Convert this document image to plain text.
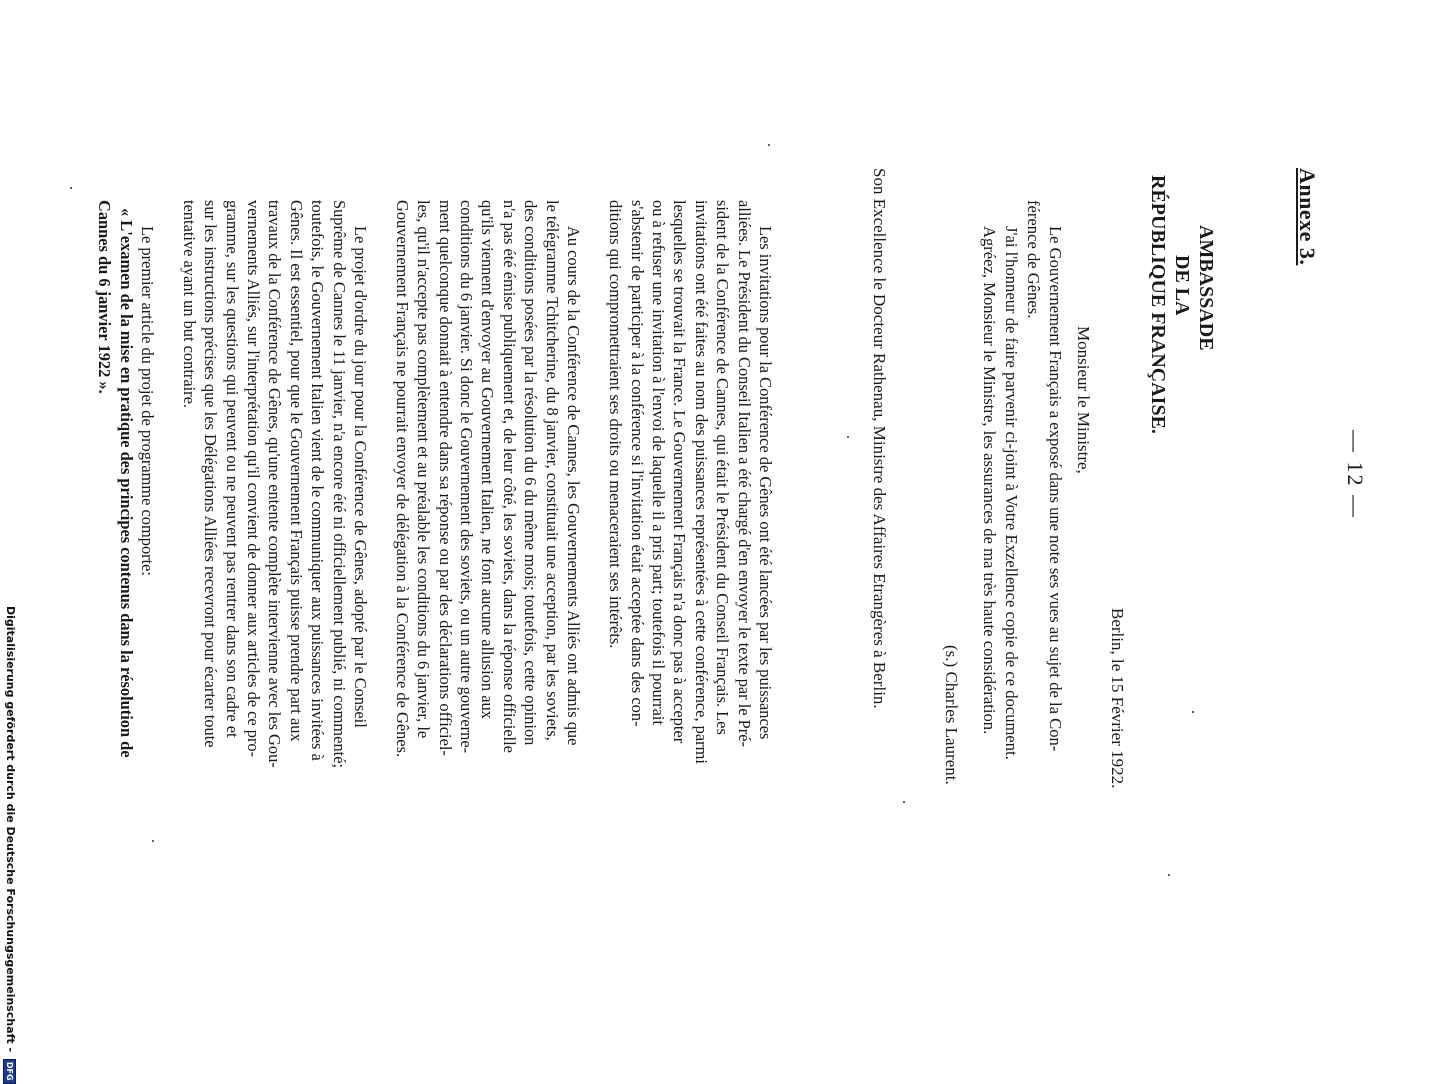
Annexe 3.
— 12 —
AMBASSADE
DE LA
RÉPUBLIQUE FRANÇAISE.
Berlin, le 15 Février 1922.
Monsieur le Ministre,
Le Gouvernement Français a exposé dans une note ses vues au sujet de la Con-
férence de Gênes.
J'ai l'honneur de faire parvenir ci-joint à Votre Exzellence copie de ce document.
Agréez, Monsieur le Ministre, les assurances de ma très haute considération.
(s.) Charles Laurent.
Son Excellence le Docteur Rathenau, Ministre des Affaires Etrangères à Berlin.
Les invitations pour la Conférence de Gênes ont été lancées par les puissances
alliées. Le Président du Conseil Italien a été chargé d'en envoyer le texte par le Pré-
sident de la Conférence de Cannes, qui était le Président du Conseil Français. Les
invitations ont été faites au nom des puissances représentées à cette conférence, parmi
lesquelles se trouvait la France. Le Gouvernement Français n'a donc pas à accepter
ou à refuser une invitation à l'envoi de laquelle il a pris part; toutefois il pourrait
s'abstenir de participer à la conférence si l'invitation était acceptée dans des con-
ditions qui compromettraient ses droits ou menaceraient ses intérêts.
Au cours de la Conférence de Cannes, les Gouvernements Alliés ont admis que
le télégramme Tchitcherine, du 8 janvier, constituait une acception, par les soviets,
des conditions posées par la résolution du 6 du même mois; toutefois, cette opinion
n'a pas été émise publiquement et, de leur côté, les soviets, dans la réponse officielle
qu'ils viennent d'envoyer au Gouvernement Italien, ne font aucune allusion aux
conditions du 6 janvier. Si donc le Gouvernement des soviets, ou un autre gouverne-
ment quelconque donnait à entendre dans sa réponse ou par des déclarations officiel-
les, qu'il n'accepte pas complètement et au préalable les conditions du 6 janvier, le
Gouvernement Français ne pourrait envoyer de délégation à la Conférence de Gênes.
Le projet d'ordre du jour pour la Conférence de Gênes, adopté par le Conseil
Suprême de Cannes le 11 janvier, n'a encore été ni officiellement publié, ni commenté;
toutefois, le Gouvernement Italien vient de le communiquer aux puissances invitées à
Gênes. Il est essentiel, pour que le Gouvernement Français puisse prendre part aux
travaux de la Conférence de Gênes, qu'une entente complète intervienne avec les Gou-
vernements Alliés, sur l'interprétation qu'il convient de donner aux articles de ce pro-
gramme, sur les questions qui peuvent ou ne peuvent pas rentrer dans son cadre et
sur les instructions précises que les Délégations Alliées recevront pour écarter toute
tentative ayant un but contraire.
Le premier article du projet de programme comporte:
« L'examen de la mise en pratique des principes contenus dans la résolution de
Cannes du 6 janvier 1922 ».
Digitalisierung gefördert durch die Deutsche Forschungsgemeinschaft - DFG
